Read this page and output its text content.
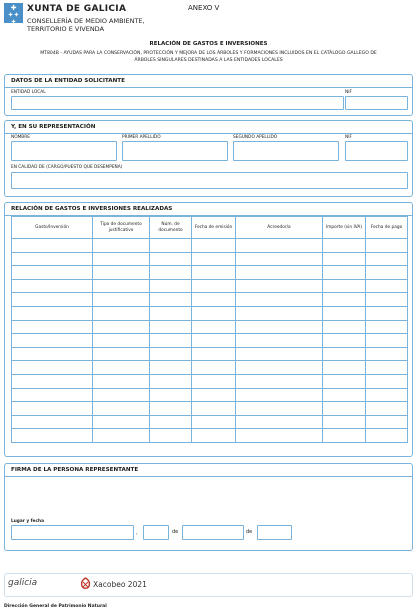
✚
✦✦
✦
XUNTA DE GALICIA
CONSELLERÍA DE MEDIO AMBIENTE,
TERRITORIO E VIVENDA
ANEXO V
RELACIÓN DE GASTOS E INVERSIONES
MT804B - AYUDAS PARA LA CONSERVACIÓN, PROTECCIÓN Y MEJORA DE LOS ÁRBOLES Y FORMACIONES INCLUIDOS EN EL CATÁLOGO GALLEGO DE ÁRBOLES SINGULARES DESTINADAS A LAS ENTIDADES LOCALES
DATOS DE LA ENTIDAD SOLICITANTE
ENTIDAD LOCAL	NIF
Y, EN SU REPRESENTACIÓN
NOMBRE	PRIMER APELLIDO	SEGUNDO APELLIDO	NIF
EN CALIDAD DE (CARGO/PUESTO QUE DESEMPEÑA)
RELACIÓN DE GASTOS E INVERSIONES REALIZADAS
Gasto/Inversión	Tipo de documento justificativo	Núm. de documento	Fecha de emisión	Acreedor/a	Importe (sin IVA)	Fecha de pago

FIRMA DE LA PERSONA REPRESENTANTE
Lugar y fecha
,	de	de
galicia	Xacobeo 2021
Dirección General de Patrimonio Natural
